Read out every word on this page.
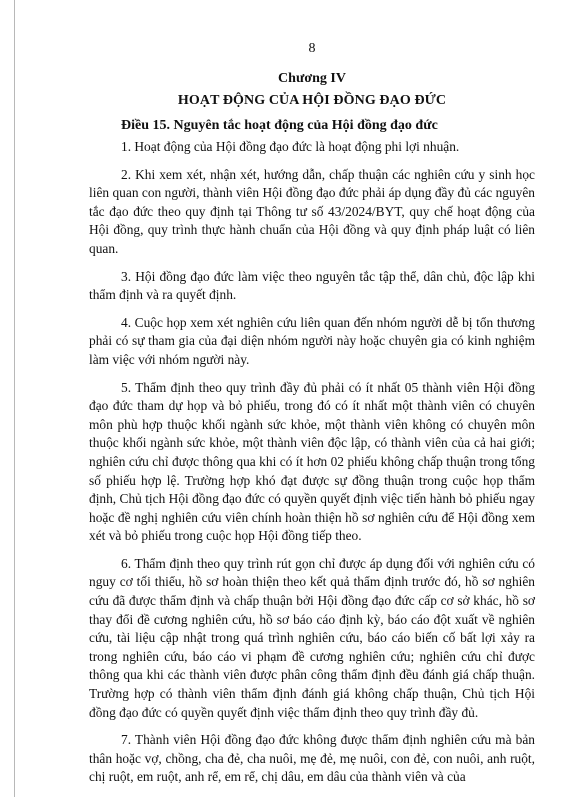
8
Chương IV
HOẠT ĐỘNG CỦA HỘI ĐỒNG ĐẠO ĐỨC
Điều 15. Nguyên tắc hoạt động của Hội đồng đạo đức

1. Hoạt động của Hội đồng đạo đức là hoạt động phi lợi nhuận.

2. Khi xem xét, nhận xét, hướng dẫn, chấp thuận các nghiên cứu y sinh học liên quan con người, thành viên Hội đồng đạo đức phải áp dụng đầy đủ các nguyên tắc đạo đức theo quy định tại Thông tư số 43/2024/BYT, quy chế hoạt động của Hội đồng, quy trình thực hành chuẩn của Hội đồng và quy định pháp luật có liên quan.

3. Hội đồng đạo đức làm việc theo nguyên tắc tập thể, dân chủ, độc lập khi thẩm định và ra quyết định.

4. Cuộc họp xem xét nghiên cứu liên quan đến nhóm người dễ bị tổn thương phải có sự tham gia của đại diện nhóm người này hoặc chuyên gia có kinh nghiệm làm việc với nhóm người này.

5. Thẩm định theo quy trình đầy đủ phải có ít nhất 05 thành viên Hội đồng đạo đức tham dự họp và bỏ phiếu, trong đó có ít nhất một thành viên có chuyên môn phù hợp thuộc khối ngành sức khỏe, một thành viên không có chuyên môn thuộc khối ngành sức khỏe, một thành viên độc lập, có thành viên của cả hai giới; nghiên cứu chỉ được thông qua khi có ít hơn 02 phiếu không chấp thuận trong tổng số phiếu hợp lệ. Trường hợp khó đạt được sự đồng thuận trong cuộc họp thẩm định, Chủ tịch Hội đồng đạo đức có quyền quyết định việc tiến hành bỏ phiếu ngay hoặc đề nghị nghiên cứu viên chính hoàn thiện hồ sơ nghiên cứu để Hội đồng xem xét và bỏ phiếu trong cuộc họp Hội đồng tiếp theo.

6. Thẩm định theo quy trình rút gọn chỉ được áp dụng đối với nghiên cứu có nguy cơ tối thiểu, hồ sơ hoàn thiện theo kết quả thẩm định trước đó, hồ sơ nghiên cứu đã được thẩm định và chấp thuận bởi Hội đồng đạo đức cấp cơ sở khác, hồ sơ thay đổi đề cương nghiên cứu, hồ sơ báo cáo định kỳ, báo cáo đột xuất về nghiên cứu, tài liệu cập nhật trong quá trình nghiên cứu, báo cáo biến cố bất lợi xảy ra trong nghiên cứu, báo cáo vi phạm đề cương nghiên cứu; nghiên cứu chỉ được thông qua khi các thành viên được phân công thẩm định đều đánh giá chấp thuận. Trường hợp có thành viên thẩm định đánh giá không chấp thuận, Chủ tịch Hội đồng đạo đức có quyền quyết định việc thẩm định theo quy trình đầy đủ.

7. Thành viên Hội đồng đạo đức không được thẩm định nghiên cứu mà bản thân hoặc vợ, chồng, cha đẻ, cha nuôi, mẹ đẻ, mẹ nuôi, con đẻ, con nuôi, anh ruột, chị ruột, em ruột, anh rể, em rể, chị dâu, em dâu của thành viên và của
